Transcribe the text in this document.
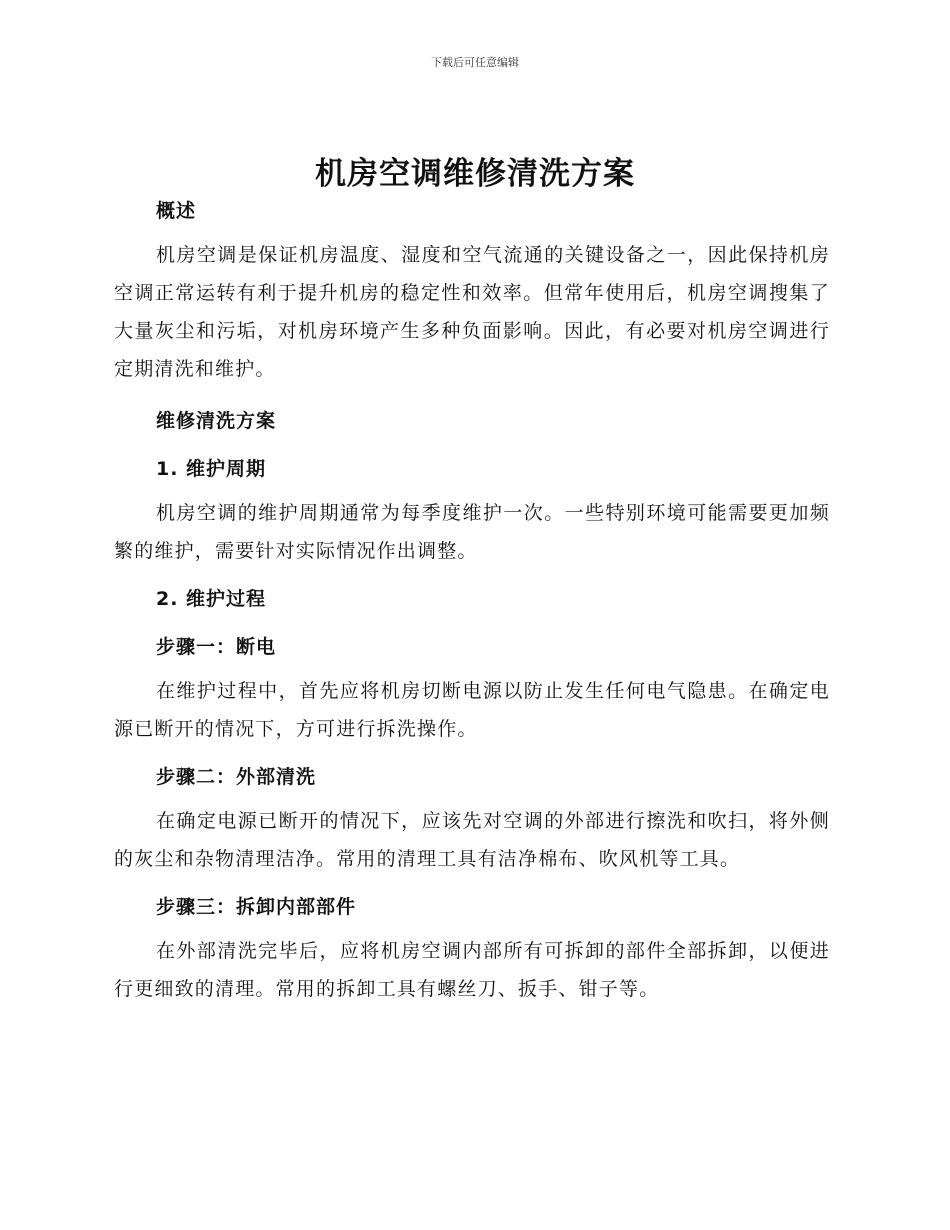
下载后可任意编辑
机房空调维修清洗方案

概述

机房空调是保证机房温度、湿度和空气流通的关键设备之一，因此保持机房空调正常运转有利于提升机房的稳定性和效率。但常年使用后，机房空调搜集了大量灰尘和污垢，对机房环境产生多种负面影响。因此，有必要对机房空调进行定期清洗和维护。

维修清洗方案

1. 维护周期

机房空调的维护周期通常为每季度维护一次。一些特别环境可能需要更加频繁的维护，需要针对实际情况作出调整。

2. 维护过程

步骤一：断电

在维护过程中，首先应将机房切断电源以防止发生任何电气隐患。在确定电源已断开的情况下，方可进行拆洗操作。

步骤二：外部清洗

在确定电源已断开的情况下，应该先对空调的外部进行擦洗和吹扫，将外侧的灰尘和杂物清理洁净。常用的清理工具有洁净棉布、吹风机等工具。

步骤三：拆卸内部部件

在外部清洗完毕后，应将机房空调内部所有可拆卸的部件全部拆卸，以便进行更细致的清理。常用的拆卸工具有螺丝刀、扳手、钳子等。
